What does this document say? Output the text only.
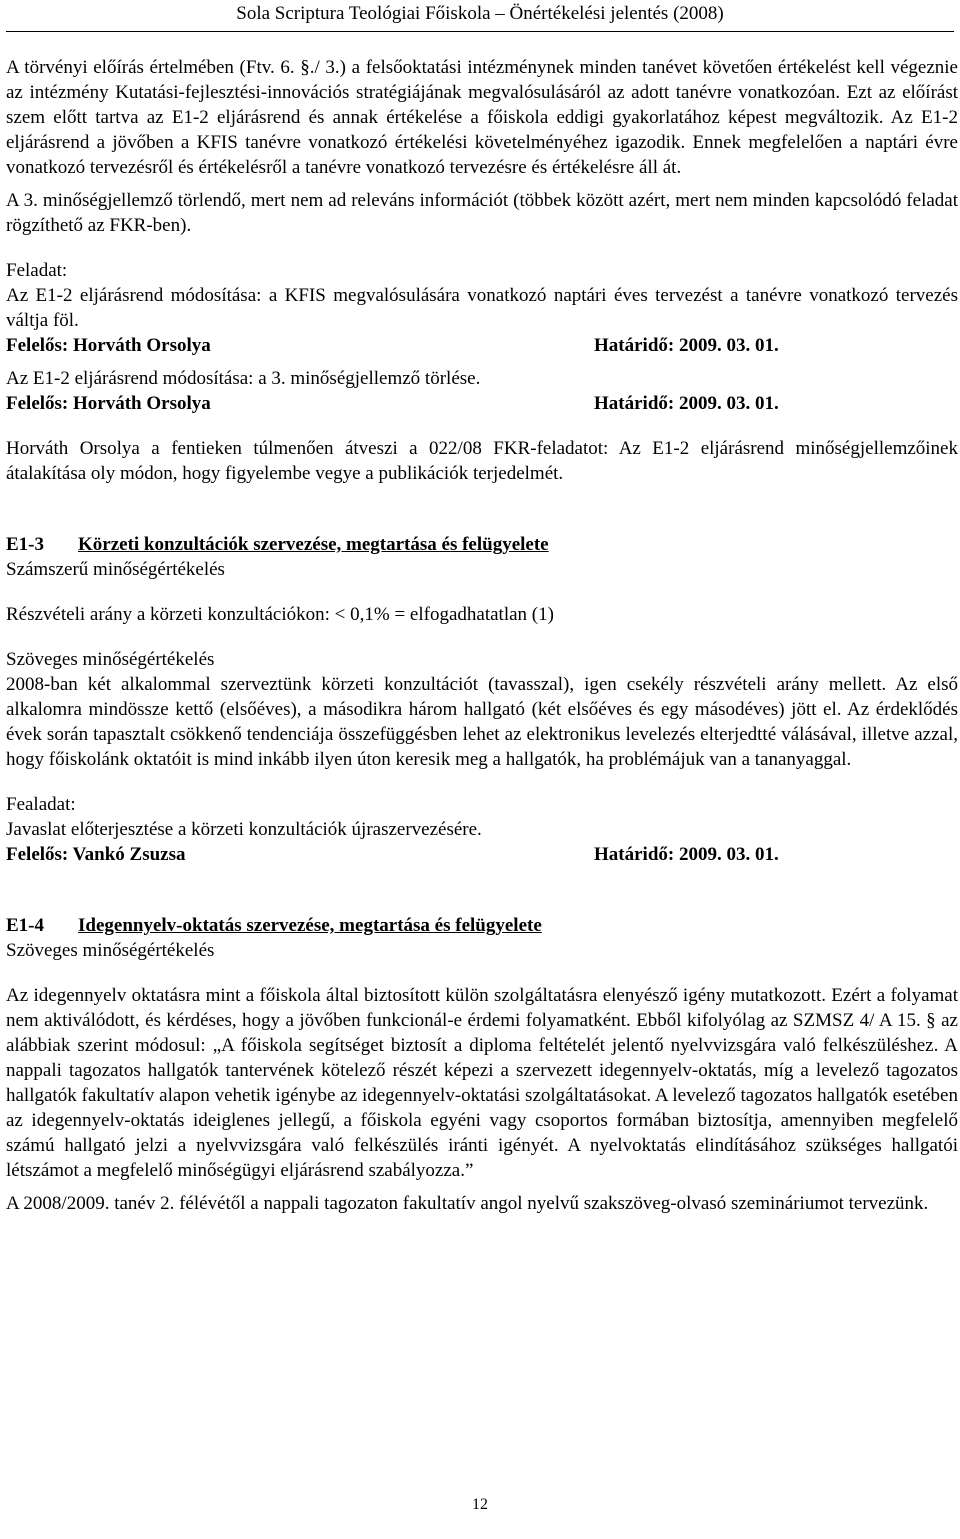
Sola Scriptura Teológiai Főiskola – Önértékelési jelentés (2008)

A törvényi előírás értelmében (Ftv. 6. §./ 3.) a felsőoktatási intézménynek minden tanévet követően értékelést kell végeznie az intézmény Kutatási-fejlesztési-innovációs stratégiájának megvalósulásáról az adott tanévre vonatkozóan. Ezt az előírást szem előtt tartva az E1-2 eljárásrend és annak értékelése a főiskola eddigi gyakorlatához képest megváltozik. Az E1-2 eljárásrend a jövőben a KFIS tanévre vonatkozó értékelési követelményéhez igazodik. Ennek megfelelően a naptári évre vonatkozó tervezésről és értékelésről a tanévre vonatkozó tervezésre és értékelésre áll át.

A 3. minőségjellemző törlendő, mert nem ad releváns információt (többek között azért, mert nem minden kapcsolódó feladat rögzíthető az FKR-ben).

Feladat:

Az E1-2 eljárásrend módosítása: a KFIS megvalósulására vonatkozó naptári éves tervezést a tanévre vonatkozó tervezés váltja föl.

Felelős: Horváth Orsolya	Határidő: 2009. 03. 01.

Az E1-2 eljárásrend módosítása: a 3. minőségjellemző törlése.

Felelős: Horváth Orsolya	Határidő: 2009. 03. 01.

Horváth Orsolya a fentieken túlmenően átveszi a 022/08 FKR-feladatot: Az E1-2 eljárásrend minőségjellemzőinek átalakítása oly módon, hogy figyelembe vegye a publikációk terjedelmét.

E1-3 Körzeti konzultációk szervezése, megtartása és felügyelete

Számszerű minőségértékelés

Részvételi arány a körzeti konzultációkon: < 0,1% = elfogadhatatlan (1)

Szöveges minőségértékelés

2008-ban két alkalommal szerveztünk körzeti konzultációt (tavasszal), igen csekély részvételi arány mellett. Az első alkalomra mindössze kettő (elsőéves), a másodikra három hallgató (két elsőéves és egy másodéves) jött el. Az érdeklődés évek során tapasztalt csökkenő tendenciája összefüggésben lehet az elektronikus levelezés elterjedtté válásával, illetve azzal, hogy főiskolánk oktatóit is mind inkább ilyen úton keresik meg a hallgatók, ha problémájuk van a tananyaggal.

Fealadat:

Javaslat előterjesztése a körzeti konzultációk újraszervezésére.

Felelős: Vankó Zsuzsa	Határidő: 2009. 03. 01.

E1-4 Idegennyelv-oktatás szervezése, megtartása és felügyelete

Szöveges minőségértékelés

Az idegennyelv oktatásra mint a főiskola által biztosított külön szolgáltatásra elenyésző igény mutatkozott. Ezért a folyamat nem aktiválódott, és kérdéses, hogy a jövőben funkcionál-e érdemi folyamatként. Ebből kifolyólag az SZMSZ 4/ A 15. § az alábbiak szerint módosul: „A főiskola segítséget biztosít a diploma feltételét jelentő nyelvvizsgára való felkészüléshez. A nappali tagozatos hallgatók tantervének kötelező részét képezi a szervezett idegennyelv-oktatás, míg a levelező tagozatos hallgatók fakultatív alapon vehetik igénybe az idegennyelv-oktatási szolgáltatásokat. A levelező tagozatos hallgatók esetében az idegennyelv-oktatás ideiglenes jellegű, a főiskola egyéni vagy csoportos formában biztosítja, amennyiben megfelelő számú hallgató jelzi a nyelvvizsgára való felkészülés iránti igényét. A nyelvoktatás elindításához szükséges hallgatói létszámot a megfelelő minőségügyi eljárásrend szabályozza.”

A 2008/2009. tanév 2. félévétől a nappali tagozaton fakultatív angol nyelvű szakszöveg-olvasó szemináriumot tervezünk.

12
